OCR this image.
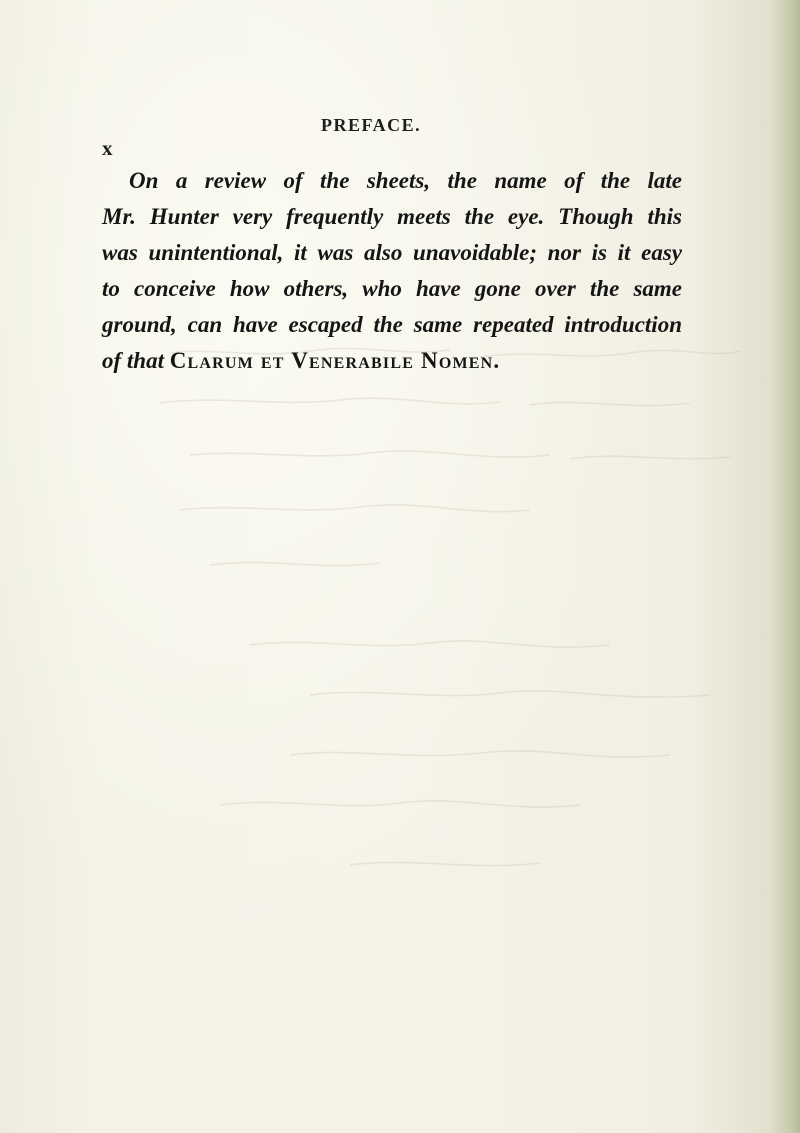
x

PREFACE.

On a review of the sheets, the name of the late
Mr. Hunter very frequently meets the eye. Though this
was unintentional, it was also unavoidable; nor is it easy
to conceive how others, who have gone over the same
ground, can have escaped the same repeated introduction
of that Clarum et Venerabile Nomen.
